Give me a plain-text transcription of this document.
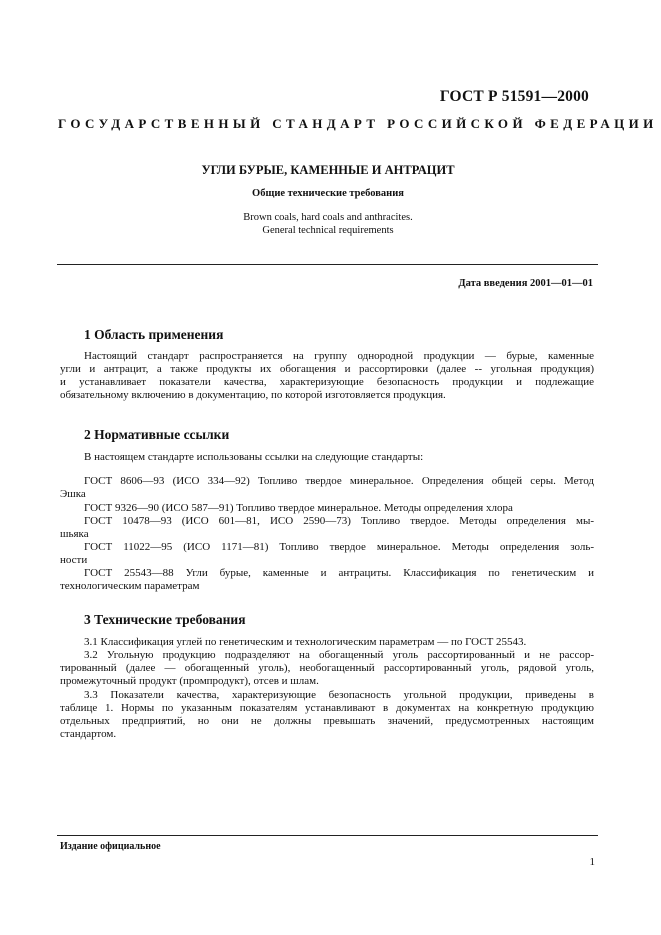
ГОСТ Р 51591—2000
ГОСУДАРСТВЕННЫЙ СТАНДАРТ РОССИЙСКОЙ ФЕДЕРАЦИИ
УГЛИ БУРЫЕ, КАМЕННЫЕ И АНТРАЦИТ
Общие технические требования
Brown coals, hard coals and anthracites.
General technical requirements
Дата введения 2001—01—01
1 Область применения
Настоящий стандарт распространяется на группу однородной продукции — бурые, каменные
угли и антрацит, а также продукты их обогащения и рассортировки (далее -- угольная продукция)
и устанавливает показатели качества, характеризующие безопасность продукции и подлежащие
обязательному включению в документацию, по которой изготовляется продукция.
2 Нормативные ссылки
В настоящем стандарте использованы ссылки на следующие стандарты:
ГОСТ 8606—93 (ИСО 334—92) Топливо твердое минеральное. Определения общей серы. Метод
Эшка
ГОСТ 9326—90 (ИСО 587—91) Топливо твердое минеральное. Методы определения хлора
ГОСТ 10478—93 (ИСО 601—81, ИСО 2590—73) Топливо твердое. Методы определения мы-
шьяка
ГОСТ 11022—95 (ИСО 1171—81) Топливо твердое минеральное. Методы определения золь-
ности
ГОСТ 25543—88 Угли бурые, каменные и антрациты. Классификация по генетическим и
технологическим параметрам
3 Технические требования
3.1 Классификация углей по генетическим и технологическим параметрам — по ГОСТ 25543.
3.2 Угольную продукцию подразделяют на обогащенный уголь рассортированный и не рассор-
тированный (далее — обогащенный уголь), необогащенный рассортированный уголь, рядовой уголь,
промежуточный продукт (промпродукт), отсев и шлам.
3.3 Показатели качества, характеризующие безопасность угольной продукции, приведены в
таблице 1. Нормы по указанным показателям устанавливают в документах на конкретную продукцию
отдельных предприятий, но они не должны превышать значений, предусмотренных настоящим
стандартом.
Издание официальное
1
